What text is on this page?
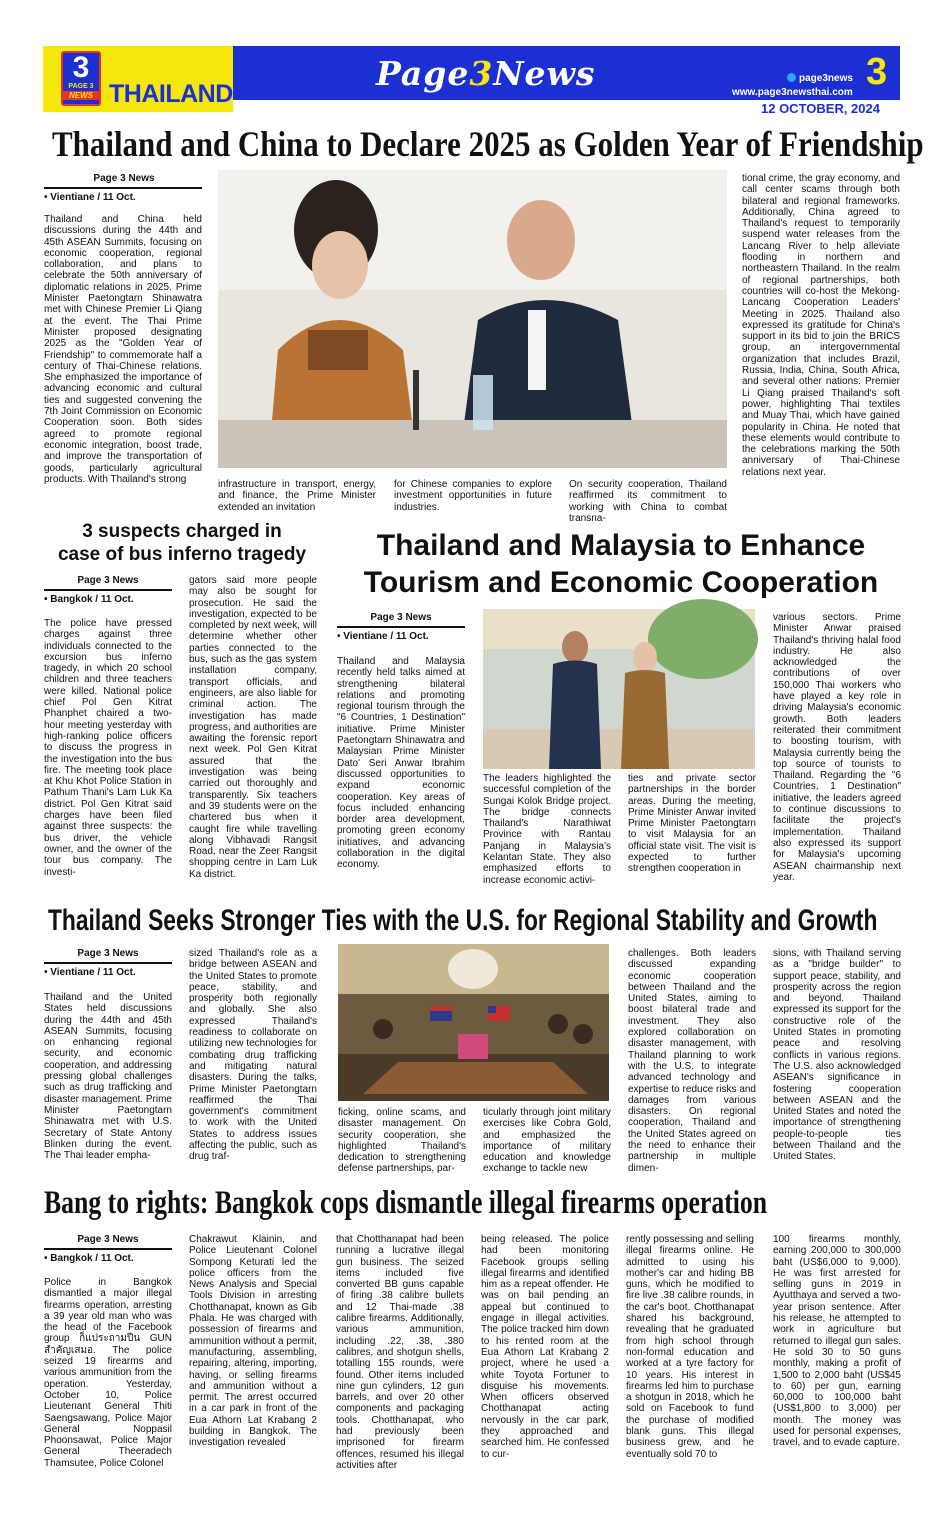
3
PAGE 3
NEWS THAILAND
Page3News	page3news
www.page3newsthai.com 3
12 OCTOBER, 2024
Thailand and China to Declare 2025 as Golden Year of Friendship
Page 3 News
• Vientiane / 11 Oct.
Thailand and China held discussions during the 44th and 45th ASEAN Summits, focusing on economic cooperation, regional collaboration, and plans to celebrate the 50th anniversary of diplomatic relations in 2025. Prime Minister Paetongtarn Shinawatra met with Chinese Premier Li Qiang at the event. The Thai Prime Minister proposed designating 2025 as the "Golden Year of Friendship" to commemorate half a century of Thai-Chinese relations. She emphasized the importance of advancing economic and cultural ties and suggested convening the 7th Joint Commission on Economic Cooperation soon. Both sides agreed to promote regional economic integration, boost trade, and improve the transportation of goods, particularly agricultural products. With Thailand's strong	infrastructure in transport, energy, and finance, the Prime Minister extended an invitation
for Chinese companies to explore investment opportunities in future industries.
On security cooperation, Thailand reaffirmed its commitment to working with China to combat transna-
tional crime, the gray economy, and call center scams through both bilateral and regional frameworks. Additionally, China agreed to Thailand's request to temporarily suspend water releases from the Lancang River to help alleviate flooding in northern and northeastern Thailand. In the realm of regional partnerships, both countries will co-host the Mekong-Lancang Cooperation Leaders' Meeting in 2025. Thailand also expressed its gratitude for China's support in its bid to join the BRICS group, an intergovernmental organization that includes Brazil, Russia, India, China, South Africa, and several other nations. Premier Li Qiang praised Thailand's soft power, highlighting Thai textiles and Muay Thai, which have gained popularity in China. He noted that these elements would contribute to the celebrations marking the 50th anniversary of Thai-Chinese relations next year.
3 suspects charged in
case of bus inferno tragedy
Page 3 News
• Bangkok / 11 Oct.
The police have pressed charges against three individuals connected to the excursion bus inferno tragedy, in which 20 school children and three teachers were killed. National police chief Pol Gen Kitrat Phanphet chaired a two-hour meeting yesterday with high-ranking police officers to discuss the progress in the investigation into the bus fire. The meeting took place at Khu Khot Police Station in Pathum Thani's Lam Luk Ka district. Pol Gen Kitrat said charges have been filed against three suspects: the bus driver, the vehicle owner, and the owner of the tour bus company. The investi-
gators said more people may also be sought for prosecution. He said the investigation, expected to be completed by next week, will determine whether other parties connected to the bus, such as the gas system installation company, transport officials, and engineers, are also liable for criminal action. The investigation has made progress, and authorities are awaiting the forensic report next week. Pol Gen Kitrat assured that the investigation was being carried out thoroughly and transparently. Six teachers and 39 students were on the chartered bus when it caught fire while travelling along Vibhavadi Rangsit Road, near the Zeer Rangsit shopping centre in Lam Luk Ka district.
Thailand and Malaysia to Enhance
Tourism and Economic Cooperation
Page 3 News
• Vientiane / 11 Oct.
Thailand and Malaysia recently held talks aimed at strengthening bilateral relations and promoting regional tourism through the "6 Countries, 1 Destination" initiative. Prime Minister Paetongtarn Shinawatra and Malaysian Prime Minister Dato' Seri Anwar Ibrahim discussed opportunities to expand economic cooperation. Key areas of focus included enhancing border area development, promoting green economy initiatives, and advancing collaboration in the digital economy.
The leaders highlighted the successful completion of the Sungai Kolok Bridge project. The bridge connects Thailand's Narathiwat Province with Rantau Panjang in Malaysia's Kelantan State. They also emphasized efforts to increase economic activi-
ties and private sector partnerships in the border areas. During the meeting, Prime Minister Anwar invited Prime Minister Paetongtarn to visit Malaysia for an official state visit. The visit is expected to further strengthen cooperation in
various sectors. Prime Minister Anwar praised Thailand's thriving halal food industry. He also acknowledged the contributions of over 150,000 Thai workers who have played a key role in driving Malaysia's economic growth. Both leaders reiterated their commitment to boosting tourism, with Malaysia currently being the top source of tourists to Thailand. Regarding the "6 Countries, 1 Destination" initiative, the leaders agreed to continue discussions to facilitate the project's implementation. Thailand also expressed its support for Malaysia's upcoming ASEAN chairmanship next year.
Thailand Seeks Stronger Ties with the U.S. for Regional Stability and Growth
Page 3 News
• Vientiane / 11 Oct.
Thailand and the United States held discussions during the 44th and 45th ASEAN Summits, focusing on enhancing regional security, and economic cooperation, and addressing pressing global challenges such as drug trafficking and disaster management. Prime Minister Paetongtarn Shinawatra met with U.S. Secretary of State Antony Blinken during the event. The Thai leader empha-
sized Thailand's role as a bridge between ASEAN and the United States to promote peace, stability, and prosperity both regionally and globally. She also expressed Thailand's readiness to collaborate on utilizing new technologies for combating drug trafficking and mitigating natural disasters. During the talks, Prime Minister Paetongtarn reaffirmed the Thai government's commitment to work with the United States to address issues affecting the public, such as drug traf-
ficking, online scams, and disaster management. On security cooperation, she highlighted Thailand's dedication to strengthening defense partnerships, par-
ticularly through joint military exercises like Cobra Gold, and emphasized the importance of military education and knowledge exchange to tackle new
challenges. Both leaders discussed expanding economic cooperation between Thailand and the United States, aiming to boost bilateral trade and investment. They also explored collaboration on disaster management, with Thailand planning to work with the U.S. to integrate advanced technology and expertise to reduce risks and damages from various disasters. On regional cooperation, Thailand and the United States agreed on the need to enhance their partnership in multiple dimen-
sions, with Thailand serving as a "bridge builder" to support peace, stability, and prosperity across the region and beyond. Thailand expressed its support for the constructive role of the United States in promoting peace and resolving conflicts in various regions. The U.S. also acknowledged ASEAN's significance in fostering cooperation between ASEAN and the United States and noted the importance of strengthening people-to-people ties between Thailand and the United States.
Bang to rights: Bangkok cops dismantle illegal firearms operation
Page 3 News
• Bangkok / 11 Oct.
Police in Bangkok dismantled a major illegal firearms operation, arresting a 39 year old man who was the head of the Facebook group ก็แประถามปืน GUN สำคัญเสมอ. The police seized 19 firearms and various ammunition from the operation. Yesterday, October 10, Police Lieutenant General Thiti Saengsawang, Police Major General Noppasil Phoonsawat, Police Major General Theeradech Thamsutee, Police Colonel
Chakrawut Klainin, and Police Lieutenant Colonel Sompong Keturati led the police officers from the News Analysis and Special Tools Division in arresting Chotthanapat, known as Gib Phala. He was charged with possession of firearms and ammunition without a permit, manufacturing, assembling, repairing, altering, importing, having, or selling firearms and ammunition without a permit. The arrest occurred in a car park in front of the Eua Athorn Lat Krabang 2 building in Bangkok. The investigation revealed
that Chotthanapat had been running a lucrative illegal gun business. The seized items included five converted BB guns capable of firing .38 calibre bullets and 12 Thai-made .38 calibre firearms. Additionally, various ammunition, including .22, .38, .380 calibres, and shotgun shells, totalling 155 rounds, were found. Other items included nine gun cylinders, 12 gun barrels, and over 20 other components and packaging tools. Chotthanapat, who had previously been imprisoned for firearm offences, resumed his illegal activities after
being released. The police had been monitoring Facebook groups selling illegal firearms and identified him as a repeat offender. He was on bail pending an appeal but continued to engage in illegal activities. The police tracked him down to his rented room at the Eua Athorn Lat Krabang 2 project, where he used a white Toyota Fortuner to disguise his movements. When officers observed Chotthanapat acting nervously in the car park, they approached and searched him. He confessed to cur-
rently possessing and selling illegal firearms online. He admitted to using his mother's car and hiding BB guns, which he modified to fire live .38 calibre rounds, in the car's boot. Chotthanapat shared his background, revealing that he graduated from high school through non-formal education and worked at a tyre factory for 10 years. His interest in firearms led him to purchase a shotgun in 2018, which he sold on Facebook to fund the purchase of modified blank guns. This illegal business grew, and he eventually sold 70 to
100 firearms monthly, earning 200,000 to 300,000 baht (US$6,000 to 9,000). He was first arrested for selling guns in 2019 in Ayutthaya and served a two-year prison sentence. After his release, he attempted to work in agriculture but returned to illegal gun sales. He sold 30 to 50 guns monthly, making a profit of 1,500 to 2,000 baht (US$45 to 60) per gun, earning 60,000 to 100,000 baht (US$1,800 to 3,000) per month. The money was used for personal expenses, travel, and to evade capture.
